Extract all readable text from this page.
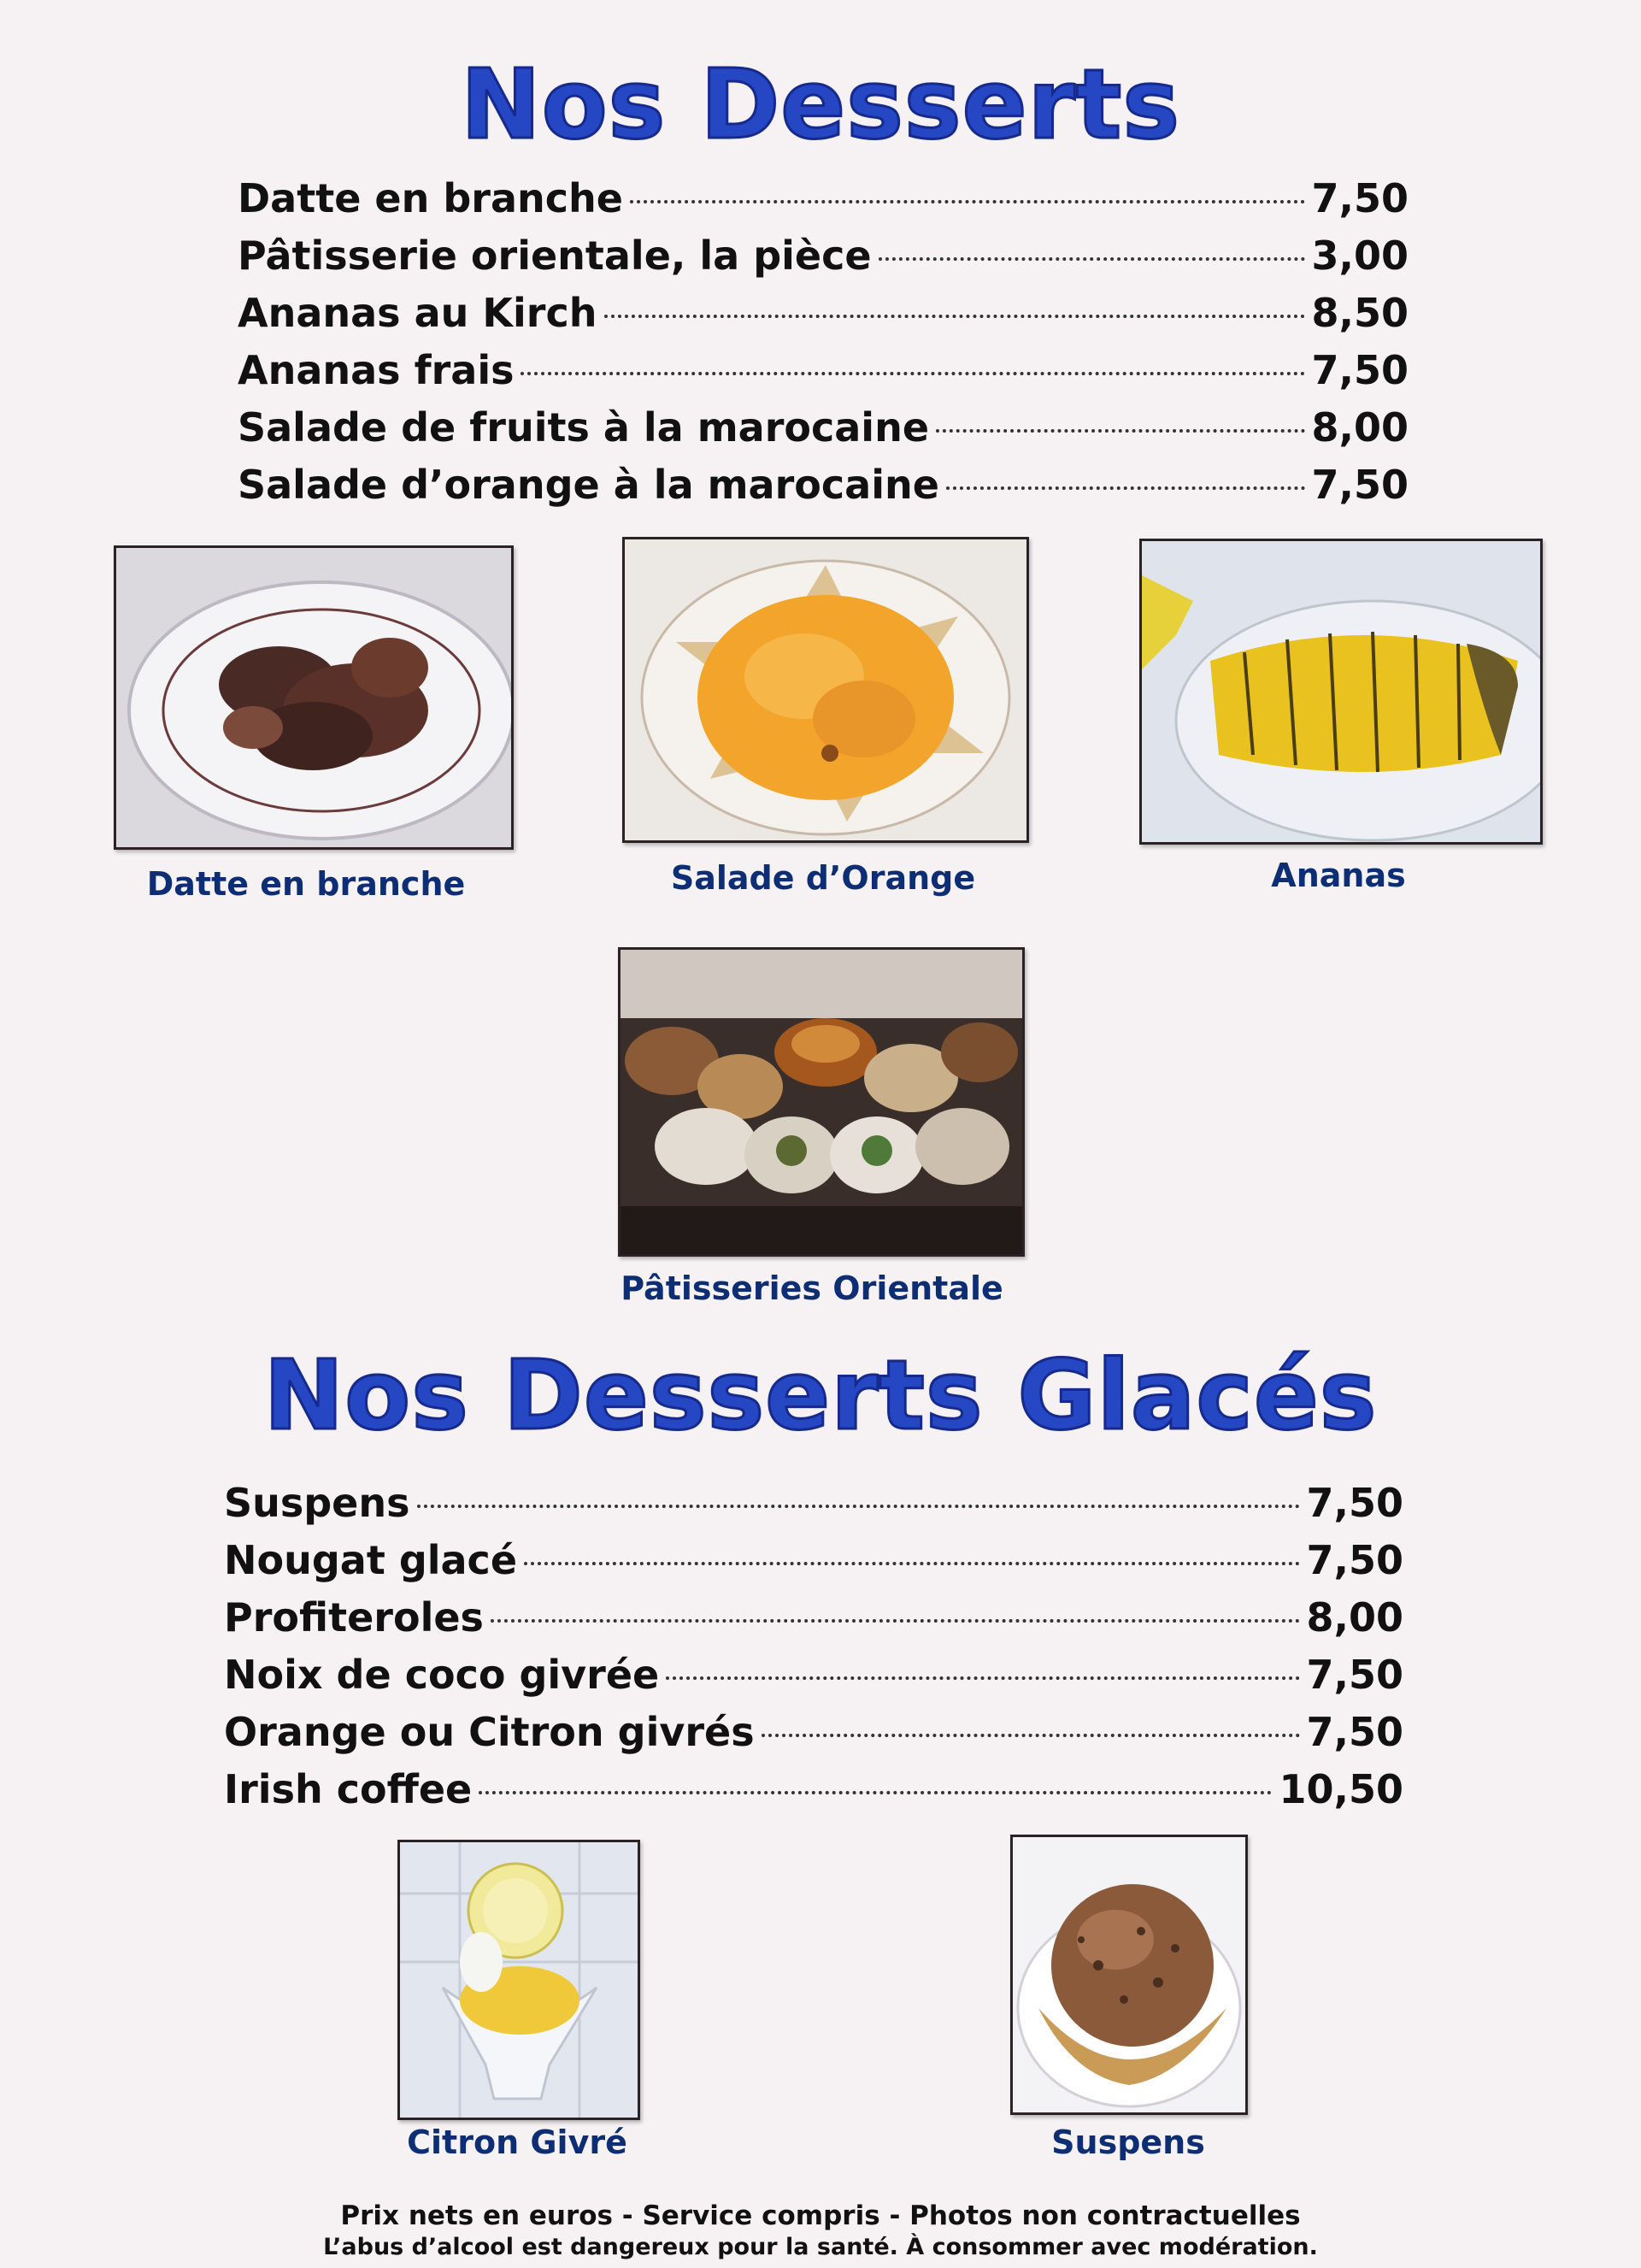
Nos Desserts
Datte en branche	7,50
Pâtisserie orientale, la pièce	3,00
Ananas au Kirch	8,50
Ananas frais	7,50
Salade de fruits à la marocaine	8,00
Salade d’orange à la marocaine	7,50
Datte en branche	Salade d’Orange	Ananas
Pâtisseries Orientale
Nos Desserts Glacés
Suspens	7,50
Nougat glacé	7,50
Profiteroles	8,00
Noix de coco givrée	7,50
Orange ou Citron givrés	7,50
Irish coffee	10,50
Citron Givré	Suspens
Prix nets en euros - Service compris - Photos non contractuelles
L’abus d’alcool est dangereux pour la santé. À consommer avec modération.
